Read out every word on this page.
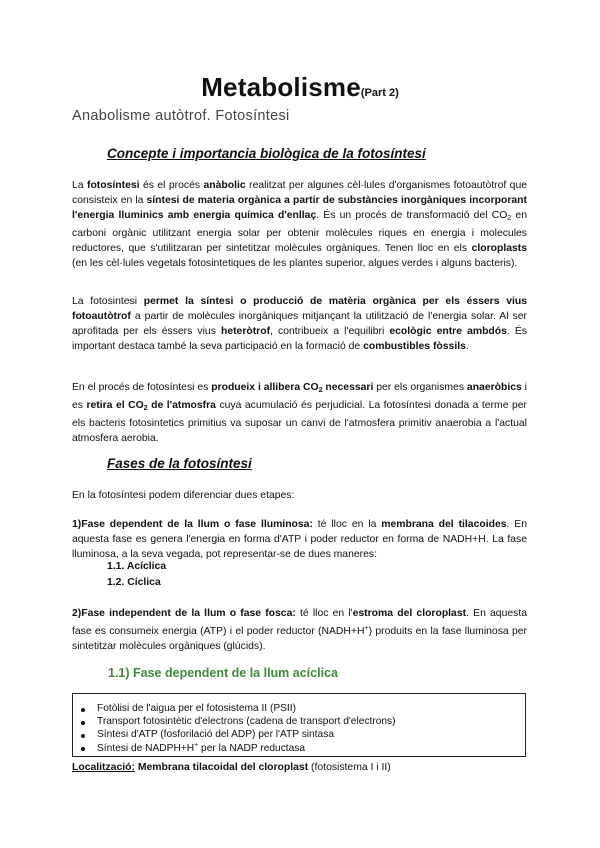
Metabolisme(Part 2)
Anabolisme autòtrof. Fotosíntesi
Concepte i importancia biològica de la fotosíntesi
La fotosíntesi és el procés anàbolic realitzat per algunes cèl·lules d'organismes fotoautòtrof que consisteix en la síntesi de materia orgànica a partir de substàncies inorgàniques incorporant l'energia lluminics amb energia química d'enllaç. És un procés de transformació del $CO_2$ en carboni orgànic utilitzant energia solar per obtenir molècules riques en energia i molecules reductores, que s'utilitzaran per sintetitzar molècules orgàniques. Tenen lloc en els cloroplasts (en les cèl·lules vegetals fotosintetiques de les plantes superior, algues verdes i alguns bacteris).
La fotosintesi permet la síntesi o producció de matèria orgànica per els éssers vius fotoautòtrof a partir de molècules inorgàniques mitjançant la utilització de l'energia solar. Al ser aprofitada per els éssers vius heteròtrof, contribueix a l'equilibri ecològic entre ambdós. És important destaca també la seva participació en la formació de combustibles fòssils.
En el procés de fotosíntesi es produeix i allibera $CO_2$ necessari per els organismes anaeròbics i es retira el $CO_2$ de l'atmosfra cuya acumulació és perjudicial. La fotosíntesi donada a terme per els bacteris fotosintetics primitius va suposar un canvi de l'atmosfera primitiv anaerobia a l'actual atmosfera aerobia.
Fases de la fotosíntesi
En la fotosíntesi podem diferenciar dues etapes:
1)Fase dependent de la llum o fase lluminosa: té lloc en la membrana del tilacoides. En aquesta fase es genera l'energia en forma d'ATP i poder reductor en forma de NADH+H. La fase lluminosa, a la seva vegada, pot representar-se de dues maneres:
1.1. Acíclica
1.2. Cíclica
2)Fase independent de la llum o fase fosca: té lloc en l'estroma del cloroplast. En aquesta fase es consumeix energia (ATP) i el poder reductor (NADH+H+) produits en la fase lluminosa per sintetitzar molècules orgàniques (glúcids).
1.1) Fase dependent de la llum acíclica
Fotòlisi de l'aigua per el fotosistema II (PSII)
Transport fotosintètic d'electrons (cadena de transport d'electrons)
Síntesi d'ATP (fosforilació del ADP) per l'ATP sintasa
Síntesi de NADPH+H+ per la NADP reductasa
Localització: Membrana tilacoidal del cloroplast (fotosistema I i II)
